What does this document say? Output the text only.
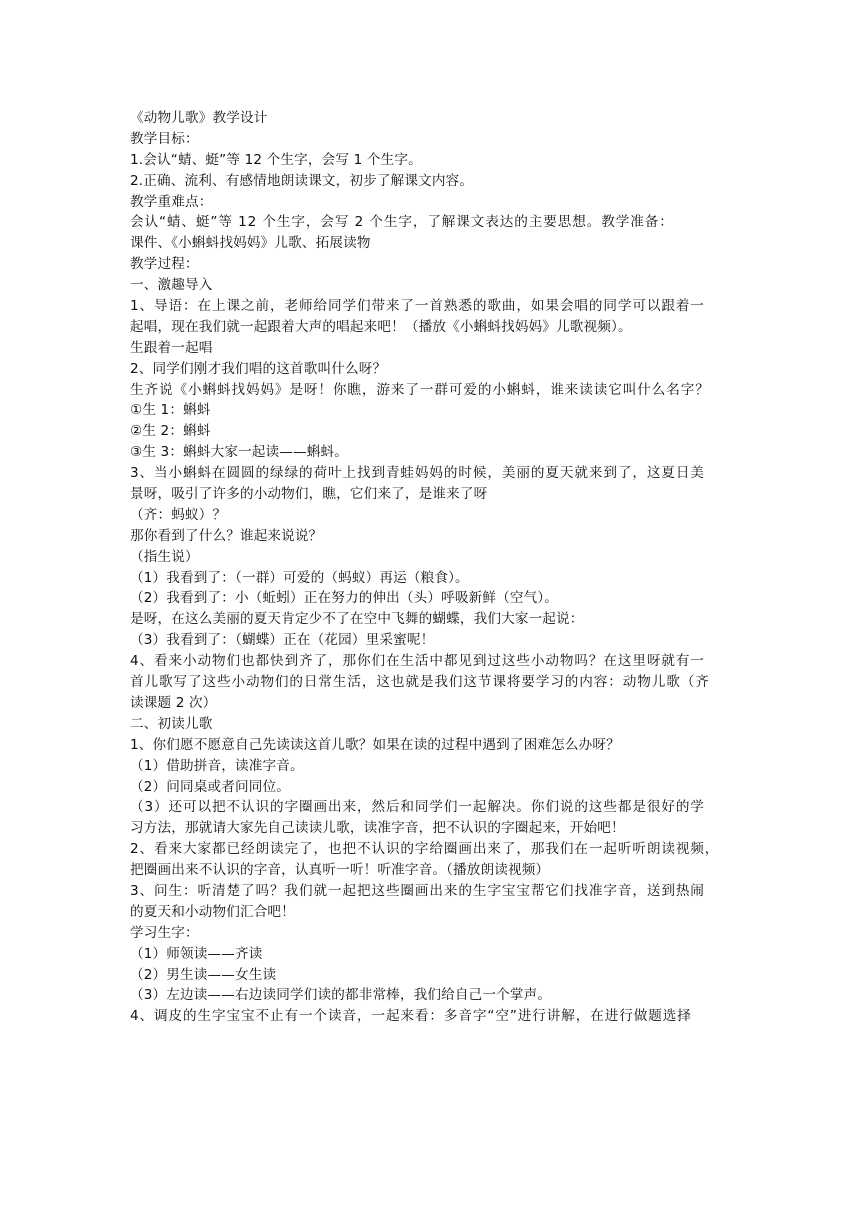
《动物儿歌》教学设计
教学目标：
1.会认“蜻、蜓”等 12 个生字，会写 1 个生字。
2.正确、流利、有感情地朗读课文，初步了解课文内容。
教学重难点：
会认“蜻、蜓”等 12 个生字，会写 2 个生字，了解课文表达的主要思想。教学准备：
课件、《小蝌蚪找妈妈》儿歌、拓展读物
教学过程：
一、激趣导入
1、导语：在上课之前，老师给同学们带来了一首熟悉的歌曲，如果会唱的同学可以跟着一
起唱，现在我们就一起跟着大声的唱起来吧！（播放《小蝌蚪找妈妈》儿歌视频）。
生跟着一起唱
2、同学们刚才我们唱的这首歌叫什么呀？
生齐说《小蝌蚪找妈妈》是呀！你瞧，游来了一群可爱的小蝌蚪，谁来读读它叫什么名字？
①生 1：蝌蚪
②生 2：蝌蚪
③生 3：蝌蚪大家一起读——蝌蚪。
3、当小蝌蚪在圆圆的绿绿的荷叶上找到青蛙妈妈的时候，美丽的夏天就来到了，这夏日美
景呀，吸引了许多的小动物们，瞧，它们来了，是谁来了呀
（齐：蚂蚁）？
那你看到了什么？谁起来说说？
（指生说）
（1）我看到了：（一群）可爱的（蚂蚁）再运（粮食）。
（2）我看到了：小（蚯蚓）正在努力的伸出（头）呼吸新鲜（空气）。
是呀，在这么美丽的夏天肯定少不了在空中飞舞的蝴蝶，我们大家一起说：
（3）我看到了：（蝴蝶）正在（花园）里采蜜呢！
4、看来小动物们也都快到齐了，那你们在生活中都见到过这些小动物吗？在这里呀就有一
首儿歌写了这些小动物们的日常生活，这也就是我们这节课将要学习的内容：动物儿歌（齐
读课题 2 次）
二、初读儿歌
1、你们愿不愿意自己先读读这首儿歌？如果在读的过程中遇到了困难怎么办呀？
（1）借助拼音，读准字音。
（2）问同桌或者问同位。
（3）还可以把不认识的字圈画出来，然后和同学们一起解决。你们说的这些都是很好的学
习方法，那就请大家先自己读读儿歌，读准字音，把不认识的字圈起来，开始吧！
2、看来大家都已经朗读完了，也把不认识的字给圈画出来了，那我们在一起听听朗读视频，
把圈画出来不认识的字音，认真听一听！听准字音。（播放朗读视频）
3、问生：听清楚了吗？我们就一起把这些圈画出来的生字宝宝帮它们找准字音，送到热闹
的夏天和小动物们汇合吧！
学习生字：
（1）师领读——齐读
（2）男生读——女生读
（3）左边读——右边读同学们读的都非常棒，我们给自己一个掌声。
4、调皮的生字宝宝不止有一个读音，一起来看：多音字“空”进行讲解，在进行做题选择
